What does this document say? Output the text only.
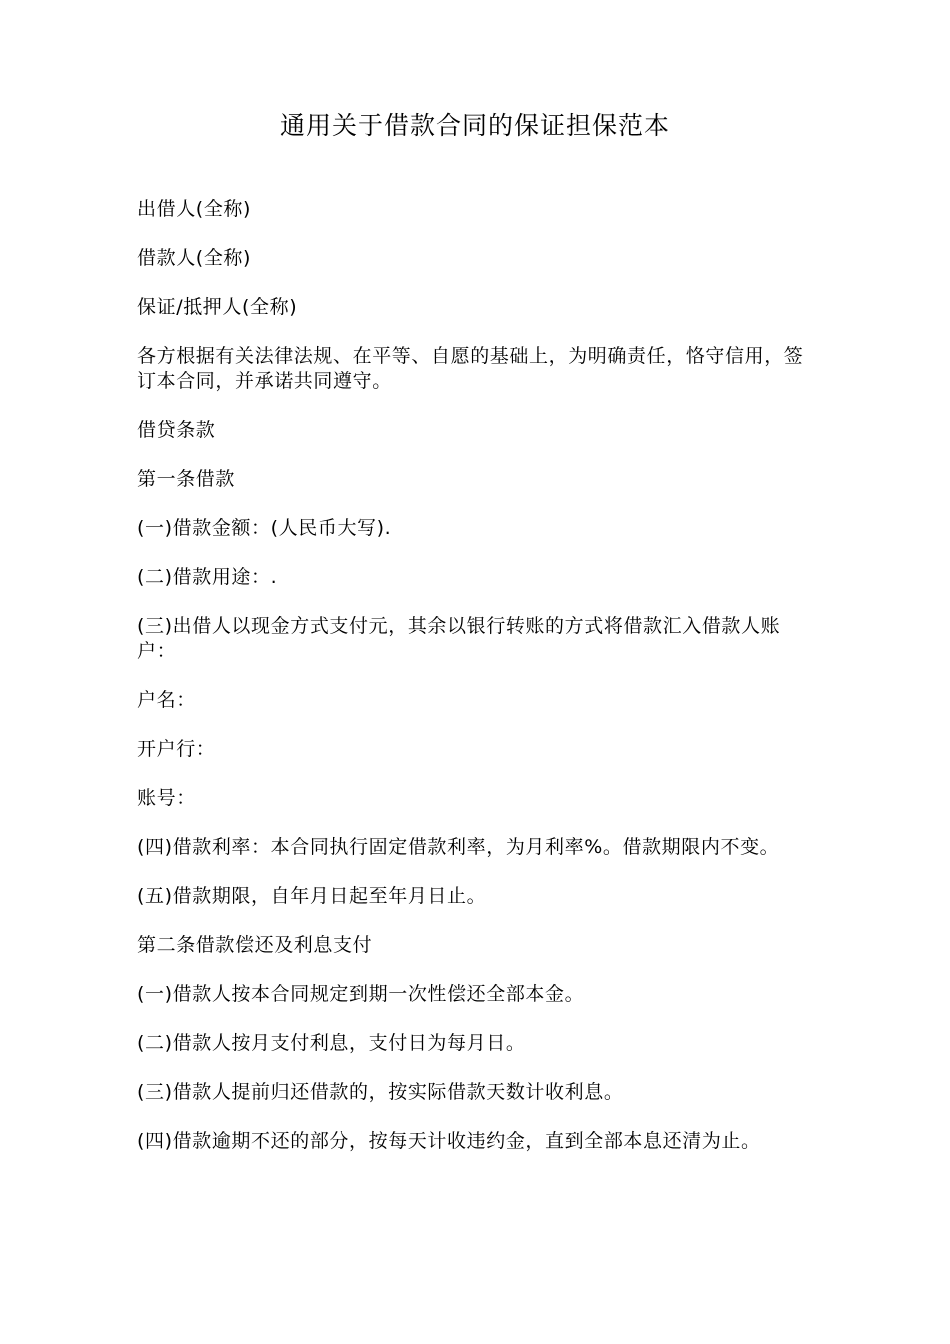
通用关于借款合同的保证担保范本

出借人(全称)

借款人(全称)

保证/抵押人(全称)

各方根据有关法律法规、在平等、自愿的基础上，为明确责任，恪守信用，签订本合同，并承诺共同遵守。

借贷条款

第一条借款

(一)借款金额：(人民币大写).

(二)借款用途：.

(三)出借人以现金方式支付元，其余以银行转账的方式将借款汇入借款人账户：

户名：

开户行：

账号：

(四)借款利率：本合同执行固定借款利率，为月利率%。借款期限内不变。

(五)借款期限，自年月日起至年月日止。

第二条借款偿还及利息支付

(一)借款人按本合同规定到期一次性偿还全部本金。

(二)借款人按月支付利息，支付日为每月日。

(三)借款人提前归还借款的，按实际借款天数计收利息。

(四)借款逾期不还的部分，按每天计收违约金，直到全部本息还清为止。
